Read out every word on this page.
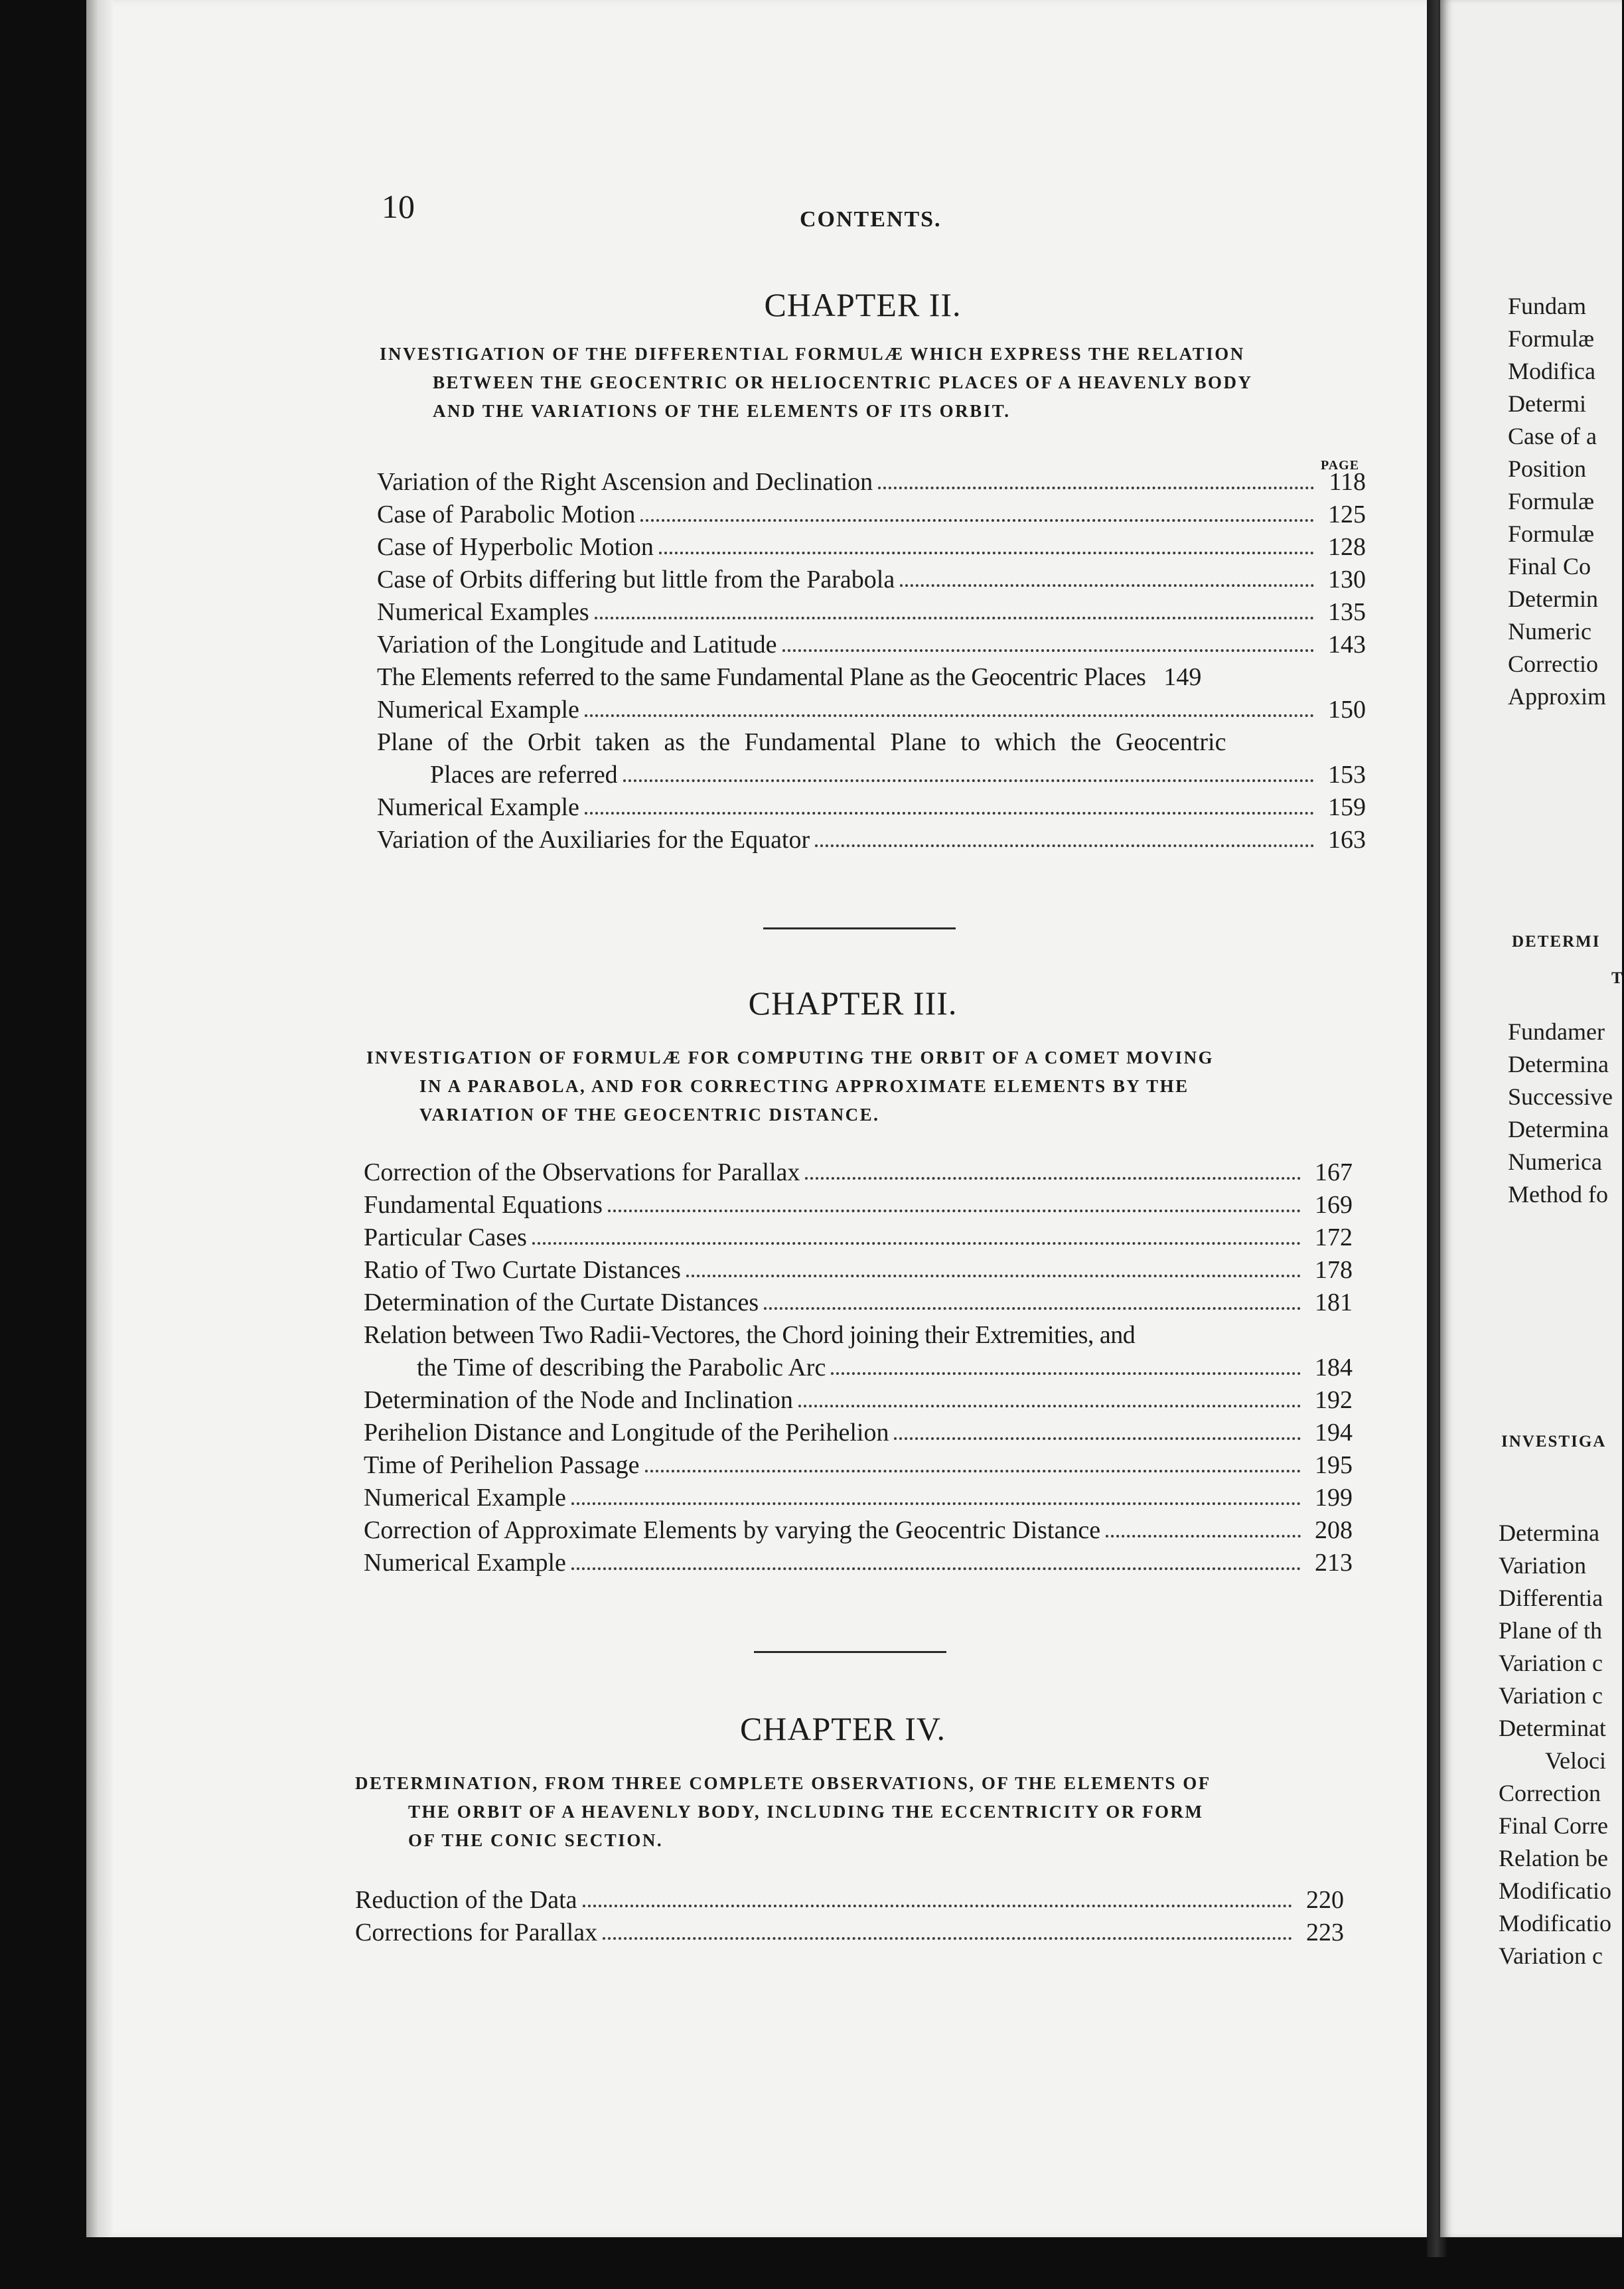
10	CONTENTS.
CHAPTER II.
INVESTIGATION OF THE DIFFERENTIAL FORMULÆ WHICH EXPRESS THE RELATION
BETWEEN THE GEOCENTRIC OR HELIOCENTRIC PLACES OF A HEAVENLY BODY
AND THE VARIATIONS OF THE ELEMENTS OF ITS ORBIT.
PAGE
Variation of the Right Ascension and Declination	118
Case of Parabolic Motion	125
Case of Hyperbolic Motion	128
Case of Orbits differing but little from the Parabola	130
Numerical Examples	135
Variation of the Longitude and Latitude	143
The Elements referred to the same Fundamental Plane as the Geocentric Places 149
Numerical Example	150
Plane of the Orbit taken as the Fundamental Plane to which the Geocentric
Places are referred	153
Numerical Example	159
Variation of the Auxiliaries for the Equator	163
CHAPTER III.
INVESTIGATION OF FORMULÆ FOR COMPUTING THE ORBIT OF A COMET MOVING
IN A PARABOLA, AND FOR CORRECTING APPROXIMATE ELEMENTS BY THE
VARIATION OF THE GEOCENTRIC DISTANCE.
Correction of the Observations for Parallax	167
Fundamental Equations	169
Particular Cases	172
Ratio of Two Curtate Distances	178
Determination of the Curtate Distances	181
Relation between Two Radii-Vectores, the Chord joining their Extremities, and
the Time of describing the Parabolic Arc	184
Determination of the Node and Inclination	192
Perihelion Distance and Longitude of the Perihelion	194
Time of Perihelion Passage	195
Numerical Example	199
Correction of Approximate Elements by varying the Geocentric Distance	208
Numerical Example	213
CHAPTER IV.
DETERMINATION, FROM THREE COMPLETE OBSERVATIONS, OF THE ELEMENTS OF
THE ORBIT OF A HEAVENLY BODY, INCLUDING THE ECCENTRICITY OR FORM
OF THE CONIC SECTION.
Reduction of the Data	220
Corrections for Parallax	223
Fundam
Formulæ
Modifica
Determi
Case of a
Position
Formulæ
Formulæ
Final Co
Determin
Numeric
Correctio
Approxim
DETERMI
T
Fundamer
Determina
Successive
Determina
Numerica
Method fo
INVESTIGA
Determina
Variation
Differentia
Plane of th
Variation c
Variation c
Determinat
Veloci
Correction
Final Corre
Relation be
Modificatio
Modificatio
Variation c
